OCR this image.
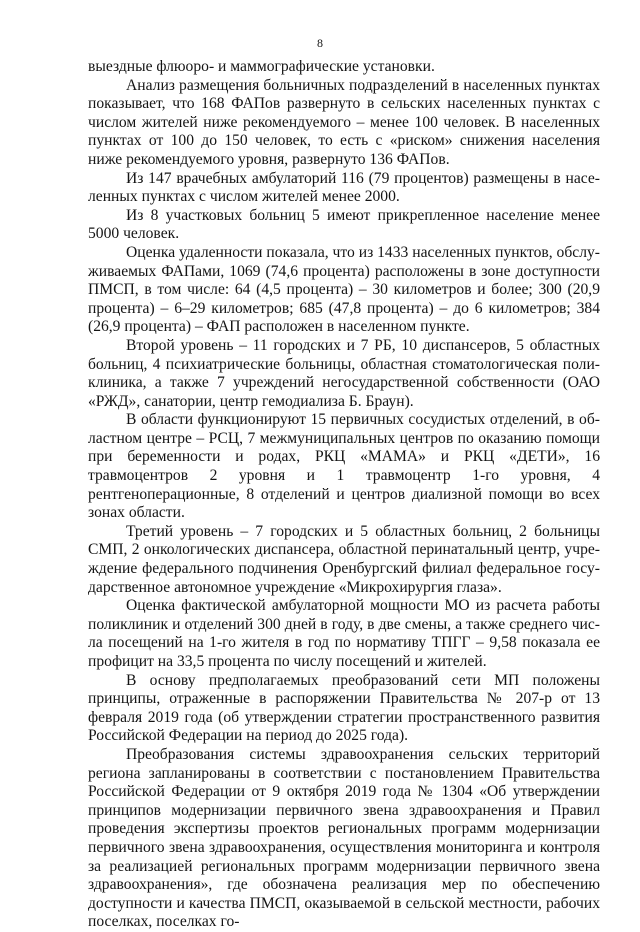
8

выездные флюоро- и маммографические установки.

Анализ размещения больничных подразделений в населенных пунктах показывает, что 168 ФАПов развернуто в сельских населенных пунктах с числом жителей ниже рекомендуемого – менее 100 человек. В населенных пунктах от 100 до 150 человек, то есть с «риском» снижения населения ниже рекомендуемого уровня, развернуто 136 ФАПов.

Из 147 врачебных амбулаторий 116 (79 процентов) размещены в населенных пунктах с числом жителей менее 2000.

Из 8 участковых больниц 5 имеют прикрепленное население менее 5000 человек.

Оценка удаленности показала, что из 1433 населенных пунктов, обслуживаемых ФАПами, 1069 (74,6 процента) расположены в зоне доступности ПМСП, в том числе: 64 (4,5 процента) – 30 километров и более; 300 (20,9 процента) – 6–29 километров; 685 (47,8 процента) – до 6 километров; 384 (26,9 процента) – ФАП расположен в населенном пункте.

Второй уровень – 11 городских и 7 РБ, 10 диспансеров, 5 областных больниц, 4 психиатрические больницы, областная стоматологическая поликлиника, а также 7 учреждений негосударственной собственности (ОАО «РЖД», санатории, центр гемодиализа Б. Браун).

В области функционируют 15 первичных сосудистых отделений, в областном центре – РСЦ, 7 межмуниципальных центров по оказанию помощи при беременности и родах, РКЦ «МАМА» и РКЦ «ДЕТИ», 16 травмоцентров 2 уровня и 1 травмоцентр 1-го уровня, 4 рентгеноперационные, 8 отделений и центров диализной помощи во всех зонах области.

Третий уровень – 7 городских и 5 областных больниц, 2 больницы СМП, 2 онкологических диспансера, областной перинатальный центр, учреждение федерального подчинения Оренбургский филиал федеральное государственное автономное учреждение «Микрохирургия глаза».

Оценка фактической амбулаторной мощности МО из расчета работы поликлиник и отделений 300 дней в году, в две смены, а также среднего числа посещений на 1-го жителя в год по нормативу ТПГГ – 9,58 показала ее профицит на 33,5 процента по числу посещений и жителей.

В основу предполагаемых преобразований сети МП положены принципы, отраженные в распоряжении Правительства № 207-р от 13 февраля 2019 года (об утверждении стратегии пространственного развития Российской Федерации на период до 2025 года).

Преобразования системы здравоохранения сельских территорий региона запланированы в соответствии с постановлением Правительства Российской Федерации от 9 октября 2019 года № 1304 «Об утверждении принципов модернизации первичного звена здравоохранения и Правил проведения экспертизы проектов региональных программ модернизации первичного звена здравоохранения, осуществления мониторинга и контроля за реализацией региональных программ модернизации первичного звена здравоохранения», где обозначена реализация мер по обеспечению доступности и качества ПМСП, оказываемой в сельской местности, рабочих поселках, поселках го-
